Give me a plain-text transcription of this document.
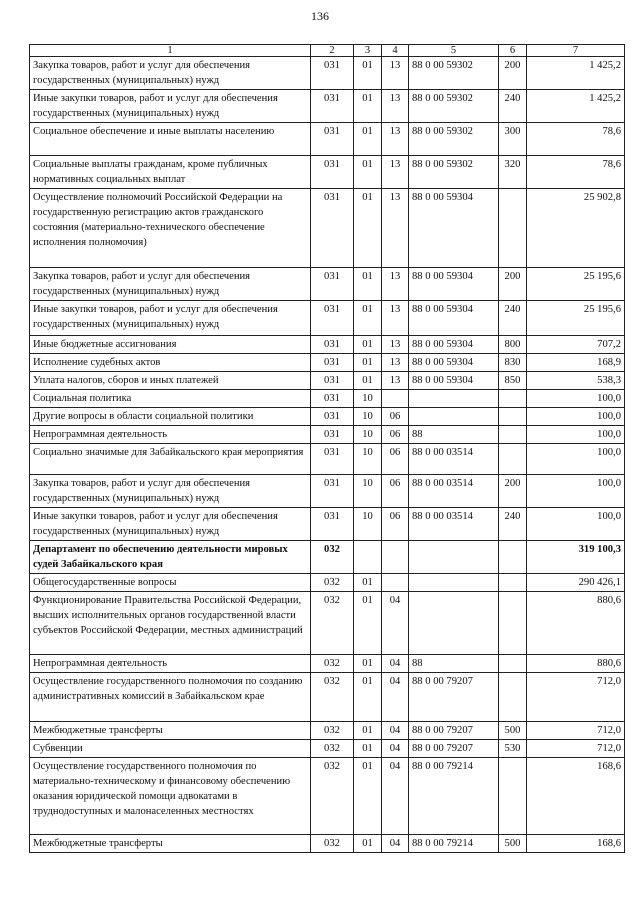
136
1	2	3	4	5	6	7
Закупка товаров, работ и услуг для обеспечения государственных (муниципальных) нужд	031	01	13	88 0 00 59302	200	1 425,2
Иные закупки товаров, работ и услуг для обеспечения государственных (муниципальных) нужд	031	01	13	88 0 00 59302	240	1 425,2
Социальное обеспечение и иные выплаты населению	031	01	13	88 0 00 59302	300	78,6
Социальные выплаты гражданам, кроме публичных нормативных социальных выплат	031	01	13	88 0 00 59302	320	78,6
Осуществление полномочий Российской Федерации на государственную регистрацию актов гражданского состояния (материально-технического обеспечение исполнения полномочия)	031	01	13	88 0 00 59304		25 902,8
Закупка товаров, работ и услуг для обеспечения государственных (муниципальных) нужд	031	01	13	88 0 00 59304	200	25 195,6
Иные закупки товаров, работ и услуг для обеспечения государственных (муниципальных) нужд	031	01	13	88 0 00 59304	240	25 195,6
Иные бюджетные ассигнования	031	01	13	88 0 00 59304	800	707,2
Исполнение судебных актов	031	01	13	88 0 00 59304	830	168,9
Уплата налогов, сборов и иных платежей	031	01	13	88 0 00 59304	850	538,3
Социальная политика	031	10				100,0
Другие вопросы в области социальной политики	031	10	06			100,0
Непрограммная деятельность	031	10	06	88		100,0
Социально значимые для Забайкальского края мероприятия	031	10	06	88 0 00 03514		100,0
Закупка товаров, работ и услуг для обеспечения государственных (муниципальных) нужд	031	10	06	88 0 00 03514	200	100,0
Иные закупки товаров, работ и услуг для обеспечения государственных (муниципальных) нужд	031	10	06	88 0 00 03514	240	100,0
Департамент по обеспечению деятельности мировых судей Забайкальского края	032					319 100,3
Общегосударственные вопросы	032	01				290 426,1
Функционирование Правительства Российской Федерации, высших исполнительных органов государственной власти субъектов Российской Федерации, местных администраций	032	01	04			880,6
Непрограммная деятельность	032	01	04	88		880,6
Осуществление государственного полномочия по созданию административных комиссий в Забайкальском крае	032	01	04	88 0 00 79207		712,0
Межбюджетные трансферты	032	01	04	88 0 00 79207	500	712,0
Субвенции	032	01	04	88 0 00 79207	530	712,0
Осуществление государственного полномочия по материально-техническому и финансовому обеспечению оказания юридической помощи адвокатами в труднодоступных и малонаселенных местностях	032	01	04	88 0 00 79214		168,6
Межбюджетные трансферты	032	01	04	88 0 00 79214	500	168,6
